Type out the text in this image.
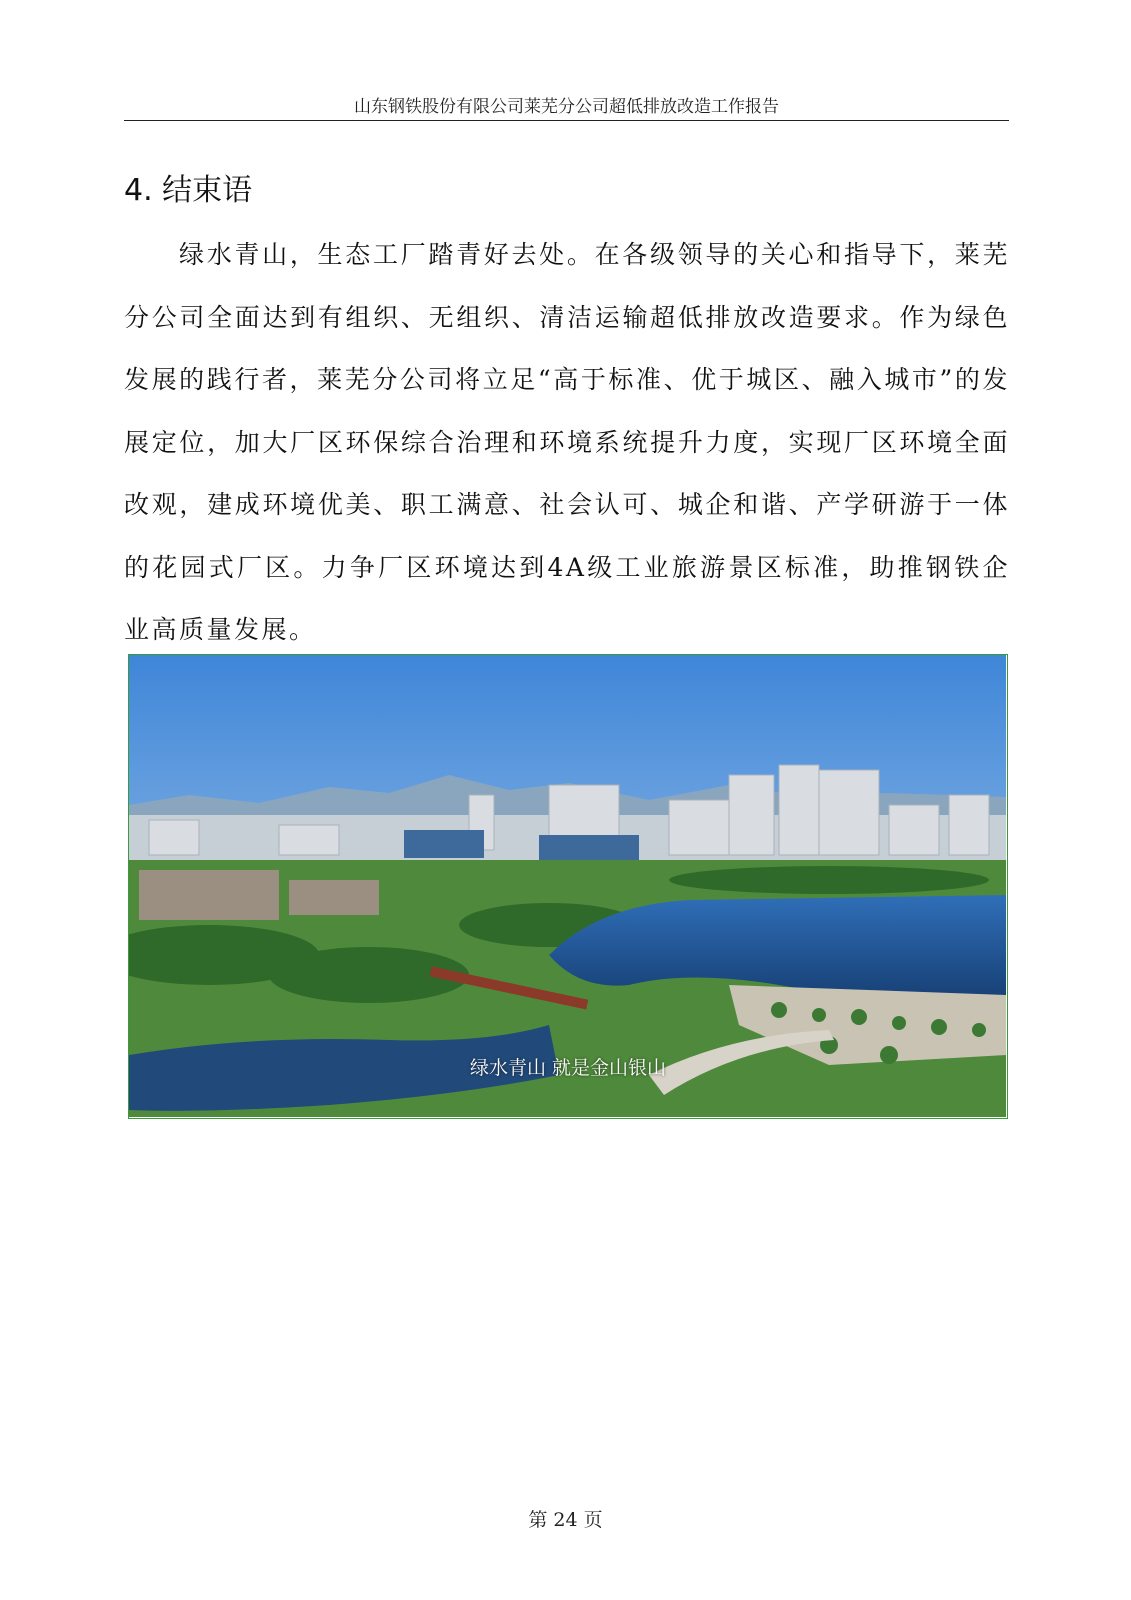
山东钢铁股份有限公司莱芜分公司超低排放改造工作报告
4. 结束语

绿水青山，生态工厂踏青好去处。在各级领导的关心和指导下，莱芜分公司全面达到有组织、无组织、清洁运输超低排放改造要求。作为绿色发展的践行者，莱芜分公司将立足“高于标准、优于城区、融入城市”的发展定位，加大厂区环保综合治理和环境系统提升力度，实现厂区环境全面改观，建成环境优美、职工满意、社会认可、城企和谐、产学研游于一体的花园式厂区。力争厂区环境达到4A级工业旅游景区标准，助推钢铁企业高质量发展。

绿水青山 就是金山银山
第 24 页
